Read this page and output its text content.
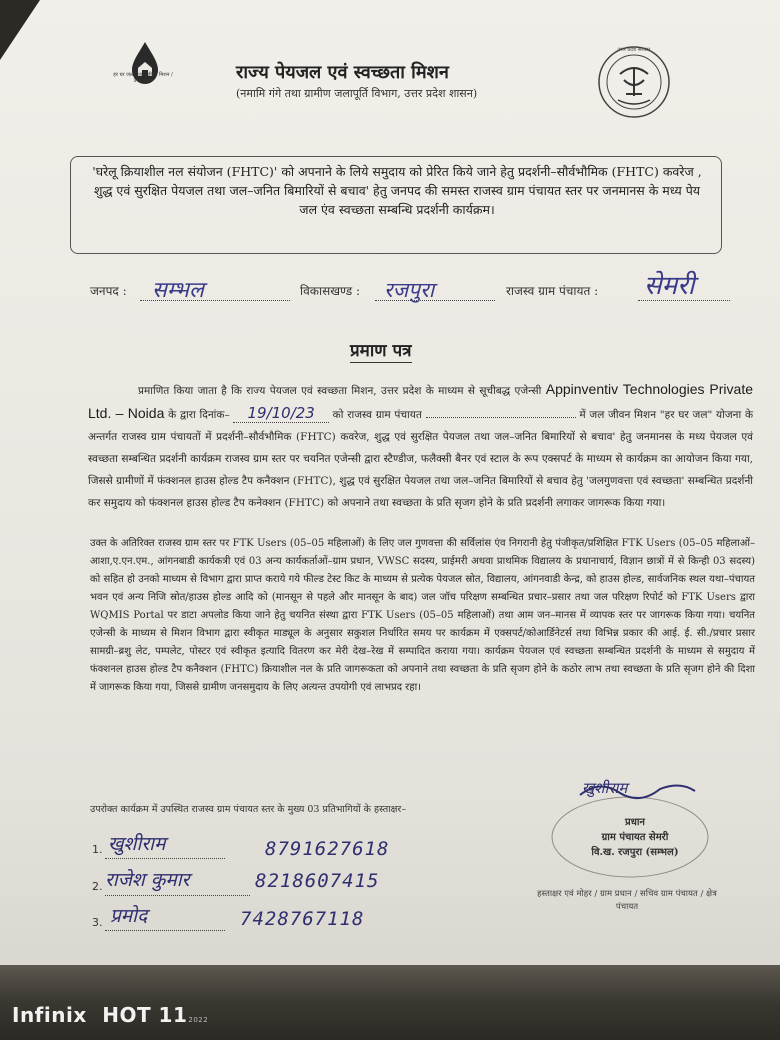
हर घर जल / जल जीवन मिशन / उत्तर प्रदेश	राज्य पेयजल एवं स्वच्छता मिशन
(नमामि गंगे तथा ग्रामीण जलापूर्ति विभाग, उत्तर प्रदेश शासन)
उत्तर प्रदेश सरकार
'घरेलू क्रियाशील नल संयोजन (FHTC)' को अपनाने के लिये समुदाय को प्रेरित किये जाने हेतु प्रदर्शनी–सौर्वभौमिक (FHTC) कवरेज , शुद्ध एवं सुरक्षित पेयजल तथा जल–जनित बिमारियों से बचाव' हेतु जनपद की समस्त राजस्व ग्राम पंचायत स्तर पर जनमानस के मध्य पेय जल एंव स्वच्छता सम्बन्धि प्रदर्शनी कार्यक्रम।
जनपद : सम्भल	विकासखण्ड : रजपुरा	राजस्व ग्राम पंचायत : सेमरी
प्रमाण पत्र
प्रमाणित किया जाता है कि राज्य पेयजल एवं स्वच्छता मिशन, उत्तर प्रदेश के माध्यम से सूचीबद्ध एजेन्सी Appinventiv Technologies Private Ltd. – Noida के द्वारा दिनांक– 19/10/23 को राजस्व ग्राम पंचायत	में जल जीवन मिशन "हर घर जल" योजना के अन्तर्गत राजस्व ग्राम पंचायतों में प्रदर्शनी–सौर्वभौमिक (FHTC) कवरेज, शुद्ध एवं सुरक्षित पेयजल तथा जल–जनित बिमारियों से बचाव' हेतु जनमानस के मध्य पेयजल एवं स्वच्छता सम्बन्धित प्रदर्शनी कार्यक्रम राजस्व ग्राम स्तर पर चयनित एजेन्सी द्वारा स्टैण्डीज, फलैक्सी बैनर एवं स्टाल के रूप एक्सपर्ट के माध्यम से कार्यक्रम का आयोजन किया गया, जिससे ग्रामीणों में फंक्शनल हाउस होल्ड टैप कनैक्शन (FHTC), शुद्ध एवं सुरक्षित पेयजल तथा जल–जनित बिमारियों से बचाव हेतु 'जलगुणवत्ता एवं स्वच्छता' सम्बन्धित प्रदर्शनी कर समुदाय को फंक्शनल हाउस होल्ड टैप कनेक्शन (FHTC) को अपनाने तथा स्वच्छता के प्रति सृजग होने के प्रति प्रदर्शनी लगाकर जागरूक किया गया।
उक्त के अतिरिक्त राजस्व ग्राम स्तर पर FTK Users (05–05 महिलाओं) के लिए जल गुणवत्ता की सर्विलांस एंव निगरानी हेतु पंजीकृत/प्रशिक्षित FTK Users (05–05 महिलाओं–आशा,ए.एन.एम., आंगनबाडी कार्यकत्री एवं 03 अन्य कार्यकर्ताओं–ग्राम प्रधान, VWSC सदस्य, प्राईमरी अथवा प्राथमिक विद्यालय के प्रधानाचार्य, विज्ञान छात्रों में से किन्ही 03 सदस्य) को सहित हो उनको माध्यम से विभाग द्वारा प्राप्त कराये गये फील्ड टेस्ट किट के माध्यम से प्रत्येक पेयजल स्रोत, विद्यालय, आंगनवाडी केन्द्र, को हाउस होल्ड, सार्वजनिक स्थल यथा–पंचायत भवन एवं अन्य निजि स्रोत/हाउस होल्ड आदि को (मानसून से पहले और मानसून के बाद) जल जॉच परिक्षण सम्बन्धित प्रचार–प्रसार तथा जल परिक्षण रिपोर्ट को FTK Users द्वारा WQMIS Portal पर डाटा अपलोड किया जाने हेतु चयनित संस्था द्वारा FTK Users (05–05 महिलाओं) तथा आम जन–मानस में व्यापक स्तर पर जागरूक किया गया। चयनित एजेन्सी के माध्यम से मिशन विभाग द्वारा स्वीकृत माड्यूल के अनुसार सकुशल निर्धारित समय पर कार्यक्रम में एक्सपर्ट/कोआर्डिनेटर्स तथा विभिन्न प्रकार की आई. ई. सी./प्रचार प्रसार सामग्री–ब्रशु लेट, पम्पलेट, पोस्टर एवं स्वीकृत इत्यादि वितरण कर मेरी देख–रेख में सम्पादित कराया गया। कार्यक्रम पेयजल एवं स्वच्छता सम्बन्धित प्रदर्शनी के माध्यम से समुदाय में फंक्शनल हाउस होल्ड टैप कनैक्शन (FHTC) क्रियाशील नल के प्रति जागरूकता को अपनाने तथा स्वच्छता के प्रति सृजग होने के कठोर लाभ तथा स्वच्छता के प्रति सृजग होने की दिशा में जागरूक किया गया, जिससे ग्रामीण जनसमुदाय के लिए अत्यन्त उपयोगी एवं लाभप्रद रहा।
खुशीराम
प्रधान
ग्राम पंचायत सेमरी
वि.ख. रजपुरा (सम्भल)
उपरोक्त कार्यक्रम में उपस्थित राजस्व ग्राम पंचायत स्तर के मुख्य 03 प्रतिभागियों के हस्ताक्षर–
1. खुशीराम	8791627618
2. राजेश कुमार	8218607415
3. प्रमोद	7428767118
हस्ताक्षर एवं मोहर / ग्राम प्रधान / सचिव ग्राम पंचायत / क्षेत्र पंचायत
Infinix HOT 112022
